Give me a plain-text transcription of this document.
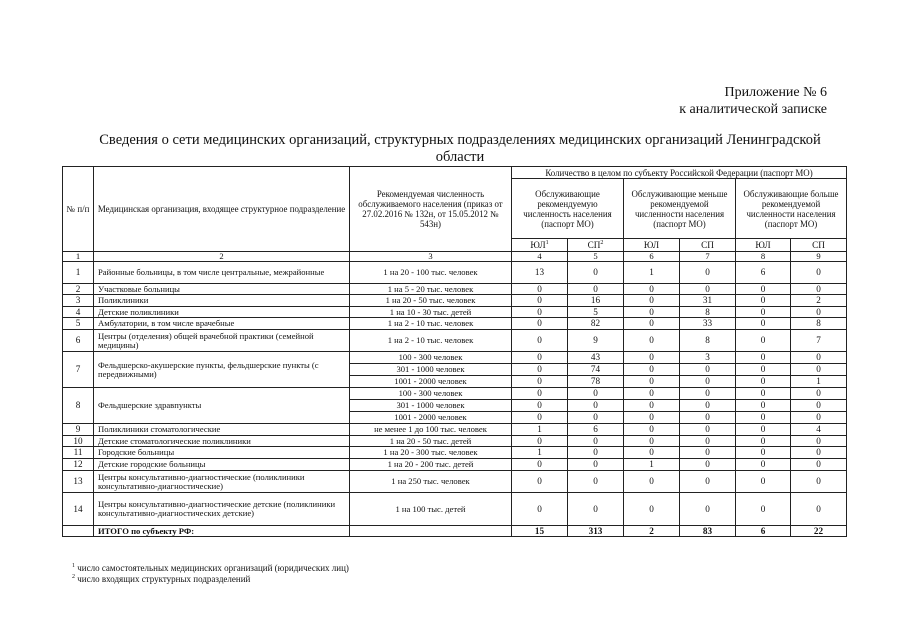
Приложение № 6
к аналитической записке
Сведения о сети медицинских организаций, структурных подразделениях медицинских организаций Ленинградской области
№ п/п	Медицинская организация, входящее структурное подразделение	Рекомендуемая численность обслуживаемого населения (приказ от 27.02.2016 № 132н, от 15.05.2012 № 543н)	Количество в целом по субъекту Российской Федерации (паспорт МО)					
			Обслуживающие рекомендуемую численность населения (паспорт МО)		Обслуживающие меньше рекомендуемой численности населения (паспорт МО)		Обслуживающие больше рекомендуемой численности населения (паспорт МО)	
			$ЮЛ^1$	$СП^2$	ЮЛ	СП	ЮЛ	СП
1	2	3	4	5	6	7	8	9
1	Районные больницы, в том числе центральные, межрайонные	1 на 20 - 100 тыс. человек	13	0	1	0	6	0
2	Участковые больницы	1 на 5 - 20 тыс. человек	0	0	0	0	0	0
3	Поликлиники	1 на 20 - 50 тыс. человек	0	16	0	31	0	2
4	Детские поликлиники	1 на 10 - 30 тыс. детей	0	5	0	8	0	0
5	Амбулатории, в том числе врачебные	1 на 2 - 10 тыс. человек	0	82	0	33	0	8
6	Центры (отделения) общей врачебной практики (семейной медицины)	1 на 2 - 10 тыс. человек	0	9	0	8	0	7
7	Фельдшерско-акушерские пункты, фельдшерские пункты (с передвижными)	100 - 300 человек	0	43	0	3	0	0
		301 - 1000 человек	0	74	0	0	0	0
		1001 - 2000 человек	0	78	0	0	0	1
8	Фельдшерские здравпункты	100 - 300 человек	0	0	0	0	0	0
		301 - 1000 человек	0	0	0	0	0	0
		1001 - 2000 человек	0	0	0	0	0	0
9	Поликлиники стоматологические	не менее 1 до 100 тыс. человек	1	6	0	0	0	4
10	Детские стоматологические поликлиники	1 на 20 - 50 тыс. детей	0	0	0	0	0	0
11	Городские больницы	1 на 20 - 300 тыс. человек	1	0	0	0	0	0
12	Детские городские больницы	1 на 20 - 200 тыс. детей	0	0	1	0	0	0
13	Центры консультативно-диагностические (поликлиники консультативно-диагностические)	1 на 250 тыс. человек	0	0	0	0	0	0
14	Центры консультативно-диагностические детские (поликлиники консультативно-диагностических детские)	1 на 100 тыс. детей	0	0	0	0	0	0
	ИТОГО по субъекту РФ:		15	313	2	83	6	22
$^1$ число самостоятельных медицинских организаций (юридических лиц)
$^2$ число входящих структурных подразделений
